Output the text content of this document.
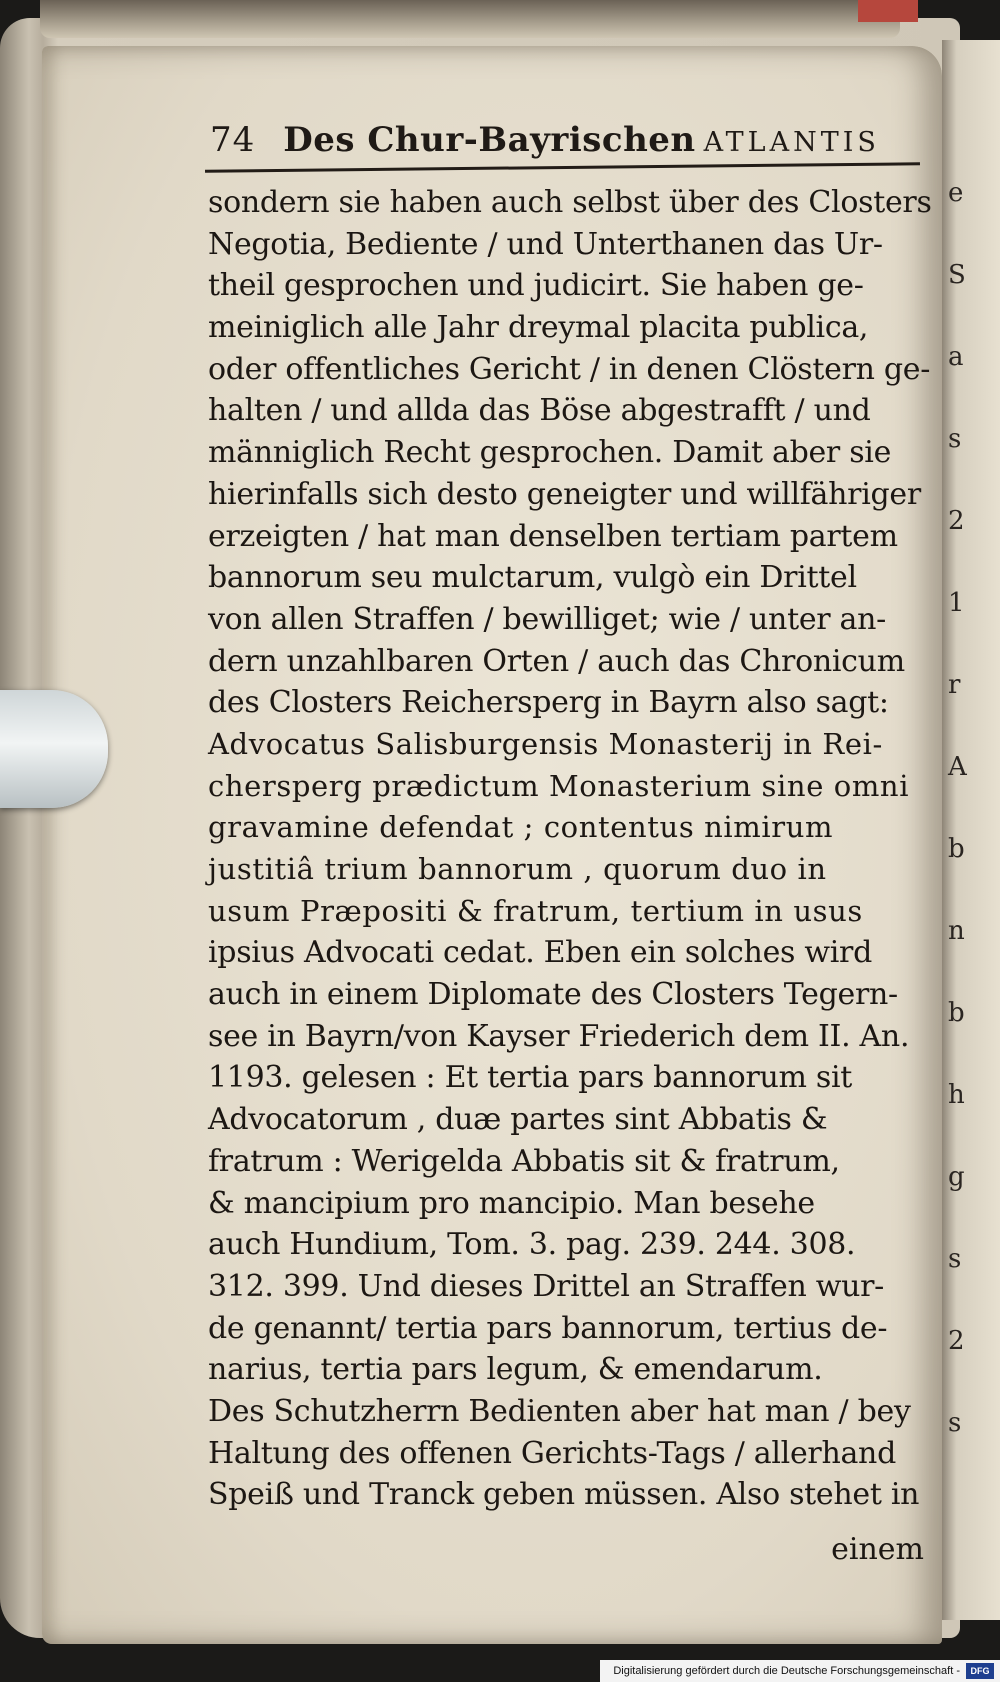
e
S
a
s
2
1
r
A
b
n
b
h
g
s
2
s
74 Des Chur-Bayrischen ATLANTIS
sondern sie haben auch selbst über des Closters
Negotia, Bediente / und Unterthanen das Ur-
theil gesprochen und judicirt. Sie haben ge-
meiniglich alle Jahr dreymal placita publica,
oder offentliches Gericht / in denen Clöstern ge-
halten / und allda das Böse abgestrafft / und
männiglich Recht gesprochen. Damit aber sie
hierinfalls sich desto geneigter und willfähriger
erzeigten / hat man denselben tertiam partem
bannorum seu mulctarum, vulgò ein Drittel
von allen Straffen / bewilliget; wie / unter an-
dern unzahlbaren Orten / auch das Chronicum
des Closters Reichersperg in Bayrn also sagt:
Advocatus Salisburgensis Monasterij in Rei-
chersperg prædictum Monasterium sine omni
gravamine defendat ; contentus nimirum
justitiâ trium bannorum , quorum duo in
usum Præpositi & fratrum, tertium in usus
ipsius Advocati cedat. Eben ein solches wird
auch in einem Diplomate des Closters Tegern-
see in Bayrn/von Kayser Friederich dem II. An.
1193. gelesen : Et tertia pars bannorum sit
Advocatorum , duæ partes sint Abbatis &
fratrum : Werigelda Abbatis sit & fratrum,
& mancipium pro mancipio. Man besehe
auch Hundium, Tom. 3. pag. 239. 244. 308.
312. 399. Und dieses Drittel an Straffen wur-
de genannt/ tertia pars bannorum, tertius de-
narius, tertia pars legum, & emendarum.
Des Schutzherrn Bedienten aber hat man / bey
Haltung des offenen Gerichts-Tags / allerhand
Speiß und Tranck geben müssen. Also stehet in
einem
Digitalisierung gefördert durch die Deutsche Forschungsgemeinschaft -	DFG
